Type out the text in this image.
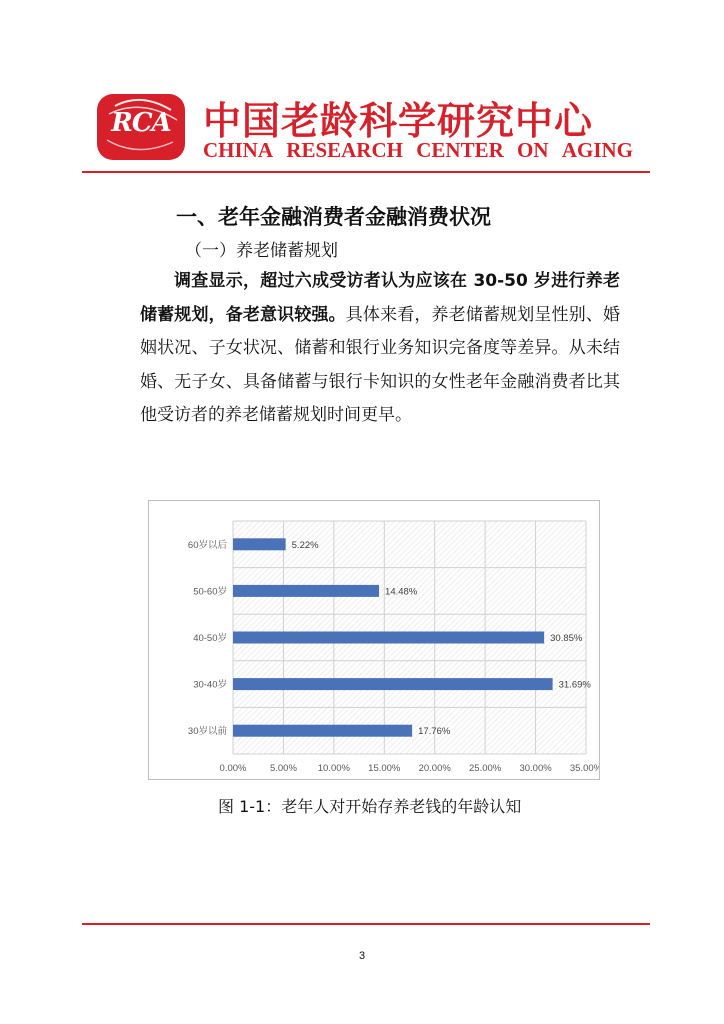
RCA 中国老龄科学研究中心
CHINA RESEARCH CENTER ON AGING
一、老年金融消费者金融消费状况
（一）养老储蓄规划
调查显示，超过六成受访者认为应该在 30-50 岁进行养老储蓄规划，备老意识较强。具体来看，养老储蓄规划呈性别、婚姻状况、子女状况、储蓄和银行业务知识完备度等差异。从未结婚、无子女、具备储蓄与银行卡知识的女性老年金融消费者比其他受访者的养老储蓄规划时间更早。
0.00% 5.00% 10.00% 15.00% 20.00% 25.00% 30.00% 35.00%
60岁以后	5.22%
50-60岁	14.48%
40-50岁	30.85%
30-40岁	31.69%
30岁以前	17.76%
图 1-1：老年人对开始存养老钱的年龄认知
3
